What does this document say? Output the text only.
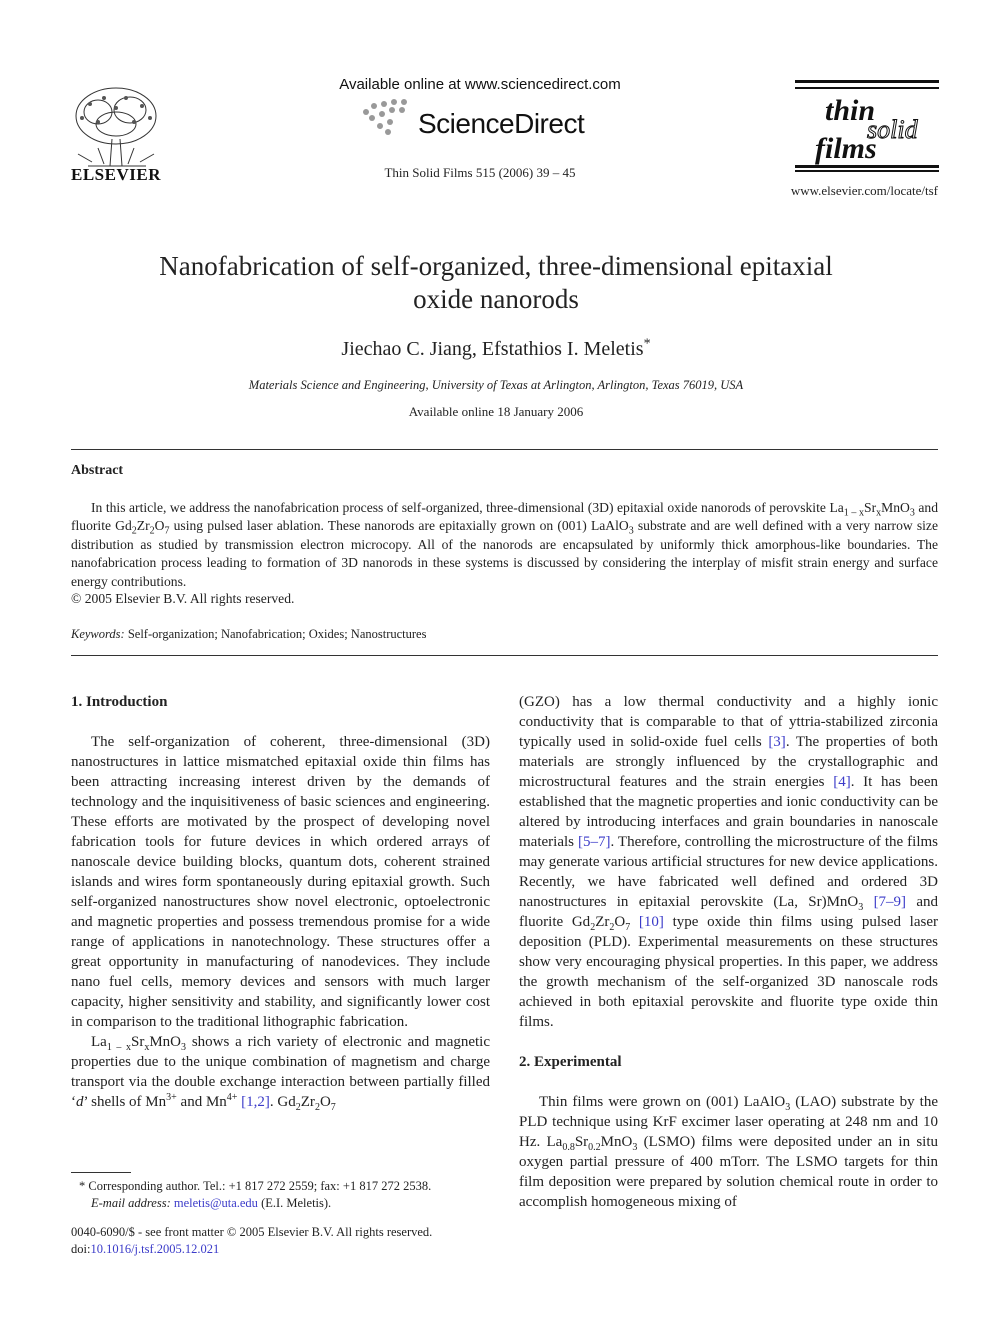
ELSEVIER
Available online at www.sciencedirect.com
ScienceDirect
Thin Solid Films 515 (2006) 39 – 45
thin
solid
films
www.elsevier.com/locate/tsf
Nanofabrication of self-organized, three-dimensional epitaxial
oxide nanorods
Jiechao C. Jiang, Efstathios I. Meletis*
Materials Science and Engineering, University of Texas at Arlington, Arlington, Texas 76019, USA
Available online 18 January 2006
Abstract

In this article, we address the nanofabrication process of self-organized, three-dimensional (3D) epitaxial oxide nanorods of perovskite $La_{1 - x}Sr_xMnO_3$ and fluorite $Gd_2Zr_2O_7$ using pulsed laser ablation. These nanorods are epitaxially grown on (001) LaAlO$_3$ substrate and are well defined with a very narrow size distribution as studied by transmission electron microcopy. All of the nanorods are encapsulated by uniformly thick amorphous-like boundaries. The nanofabrication process leading to formation of 3D nanorods in these systems is discussed by considering the interplay of misfit strain energy and surface energy contributions.

© 2005 Elsevier B.V. All rights reserved.
Keywords: Self-organization; Nanofabrication; Oxides; Nanostructures
1. Introduction

The self-organization of coherent, three-dimensional (3D) nanostructures in lattice mismatched epitaxial oxide thin films has been attracting increasing interest driven by the demands of technology and the inquisitiveness of basic sciences and engineering. These efforts are motivated by the prospect of developing novel fabrication tools for future devices in which ordered arrays of nanoscale device building blocks, quantum dots, coherent strained islands and wires form spontaneously during epitaxial growth. Such self-organized nanostructures show novel electronic, optoelectronic and magnetic properties and possess tremendous promise for a wide range of applications in nanotechnology. These structures offer a great opportunity in manufacturing of nanodevices. They include nano fuel cells, memory devices and sensors with much larger capacity, higher sensitivity and stability, and significantly lower cost in comparison to the traditional lithographic fabrication.

$La_{1 - x}Sr_xMnO_3$ shows a rich variety of electronic and magnetic properties due to the unique combination of magnetism and charge transport via the double exchange interaction between partially filled ‘d’ shells of $Mn^{3+}$ and $Mn^{4+}$ [1,2]. $Gd_2Zr_2O_7$

(GZO) has a low thermal conductivity and a highly ionic conductivity that is comparable to that of yttria-stabilized zirconia typically used in solid-oxide fuel cells [3]. The properties of both materials are strongly influenced by the crystallographic and microstructural features and the strain energies [4]. It has been established that the magnetic properties and ionic conductivity can be altered by introducing interfaces and grain boundaries in nanoscale materials [5–7]. Therefore, controlling the microstructure of the films may generate various artificial structures for new device applications. Recently, we have fabricated well defined and ordered 3D nanostructures in epitaxial perovskite (La, Sr)MnO$_3$ [7–9] and fluorite $Gd_2Zr_2O_7$ [10] type oxide thin films using pulsed laser deposition (PLD). Experimental measurements on these structures show very encouraging physical properties. In this paper, we address the growth mechanism of the self-organized 3D nanoscale rods achieved in both epitaxial perovskite and fluorite type oxide thin films.

2. Experimental

Thin films were grown on (001) LaAlO$_3$ (LAO) substrate by the PLD technique using KrF excimer laser operating at 248 nm and 10 Hz. $La_{0.8}Sr_{0.2}MnO_3$ (LSMO) films were deposited under an in situ oxygen partial pressure of 400 mTorr. The LSMO targets for thin film deposition were prepared by solution chemical route in order to accomplish homogeneous mixing of

* Corresponding author. Tel.: +1 817 272 2559; fax: +1 817 272 2538.
E-mail address: meletis@uta.edu (E.I. Meletis).
0040-6090/$ - see front matter © 2005 Elsevier B.V. All rights reserved.
doi:10.1016/j.tsf.2005.12.021
